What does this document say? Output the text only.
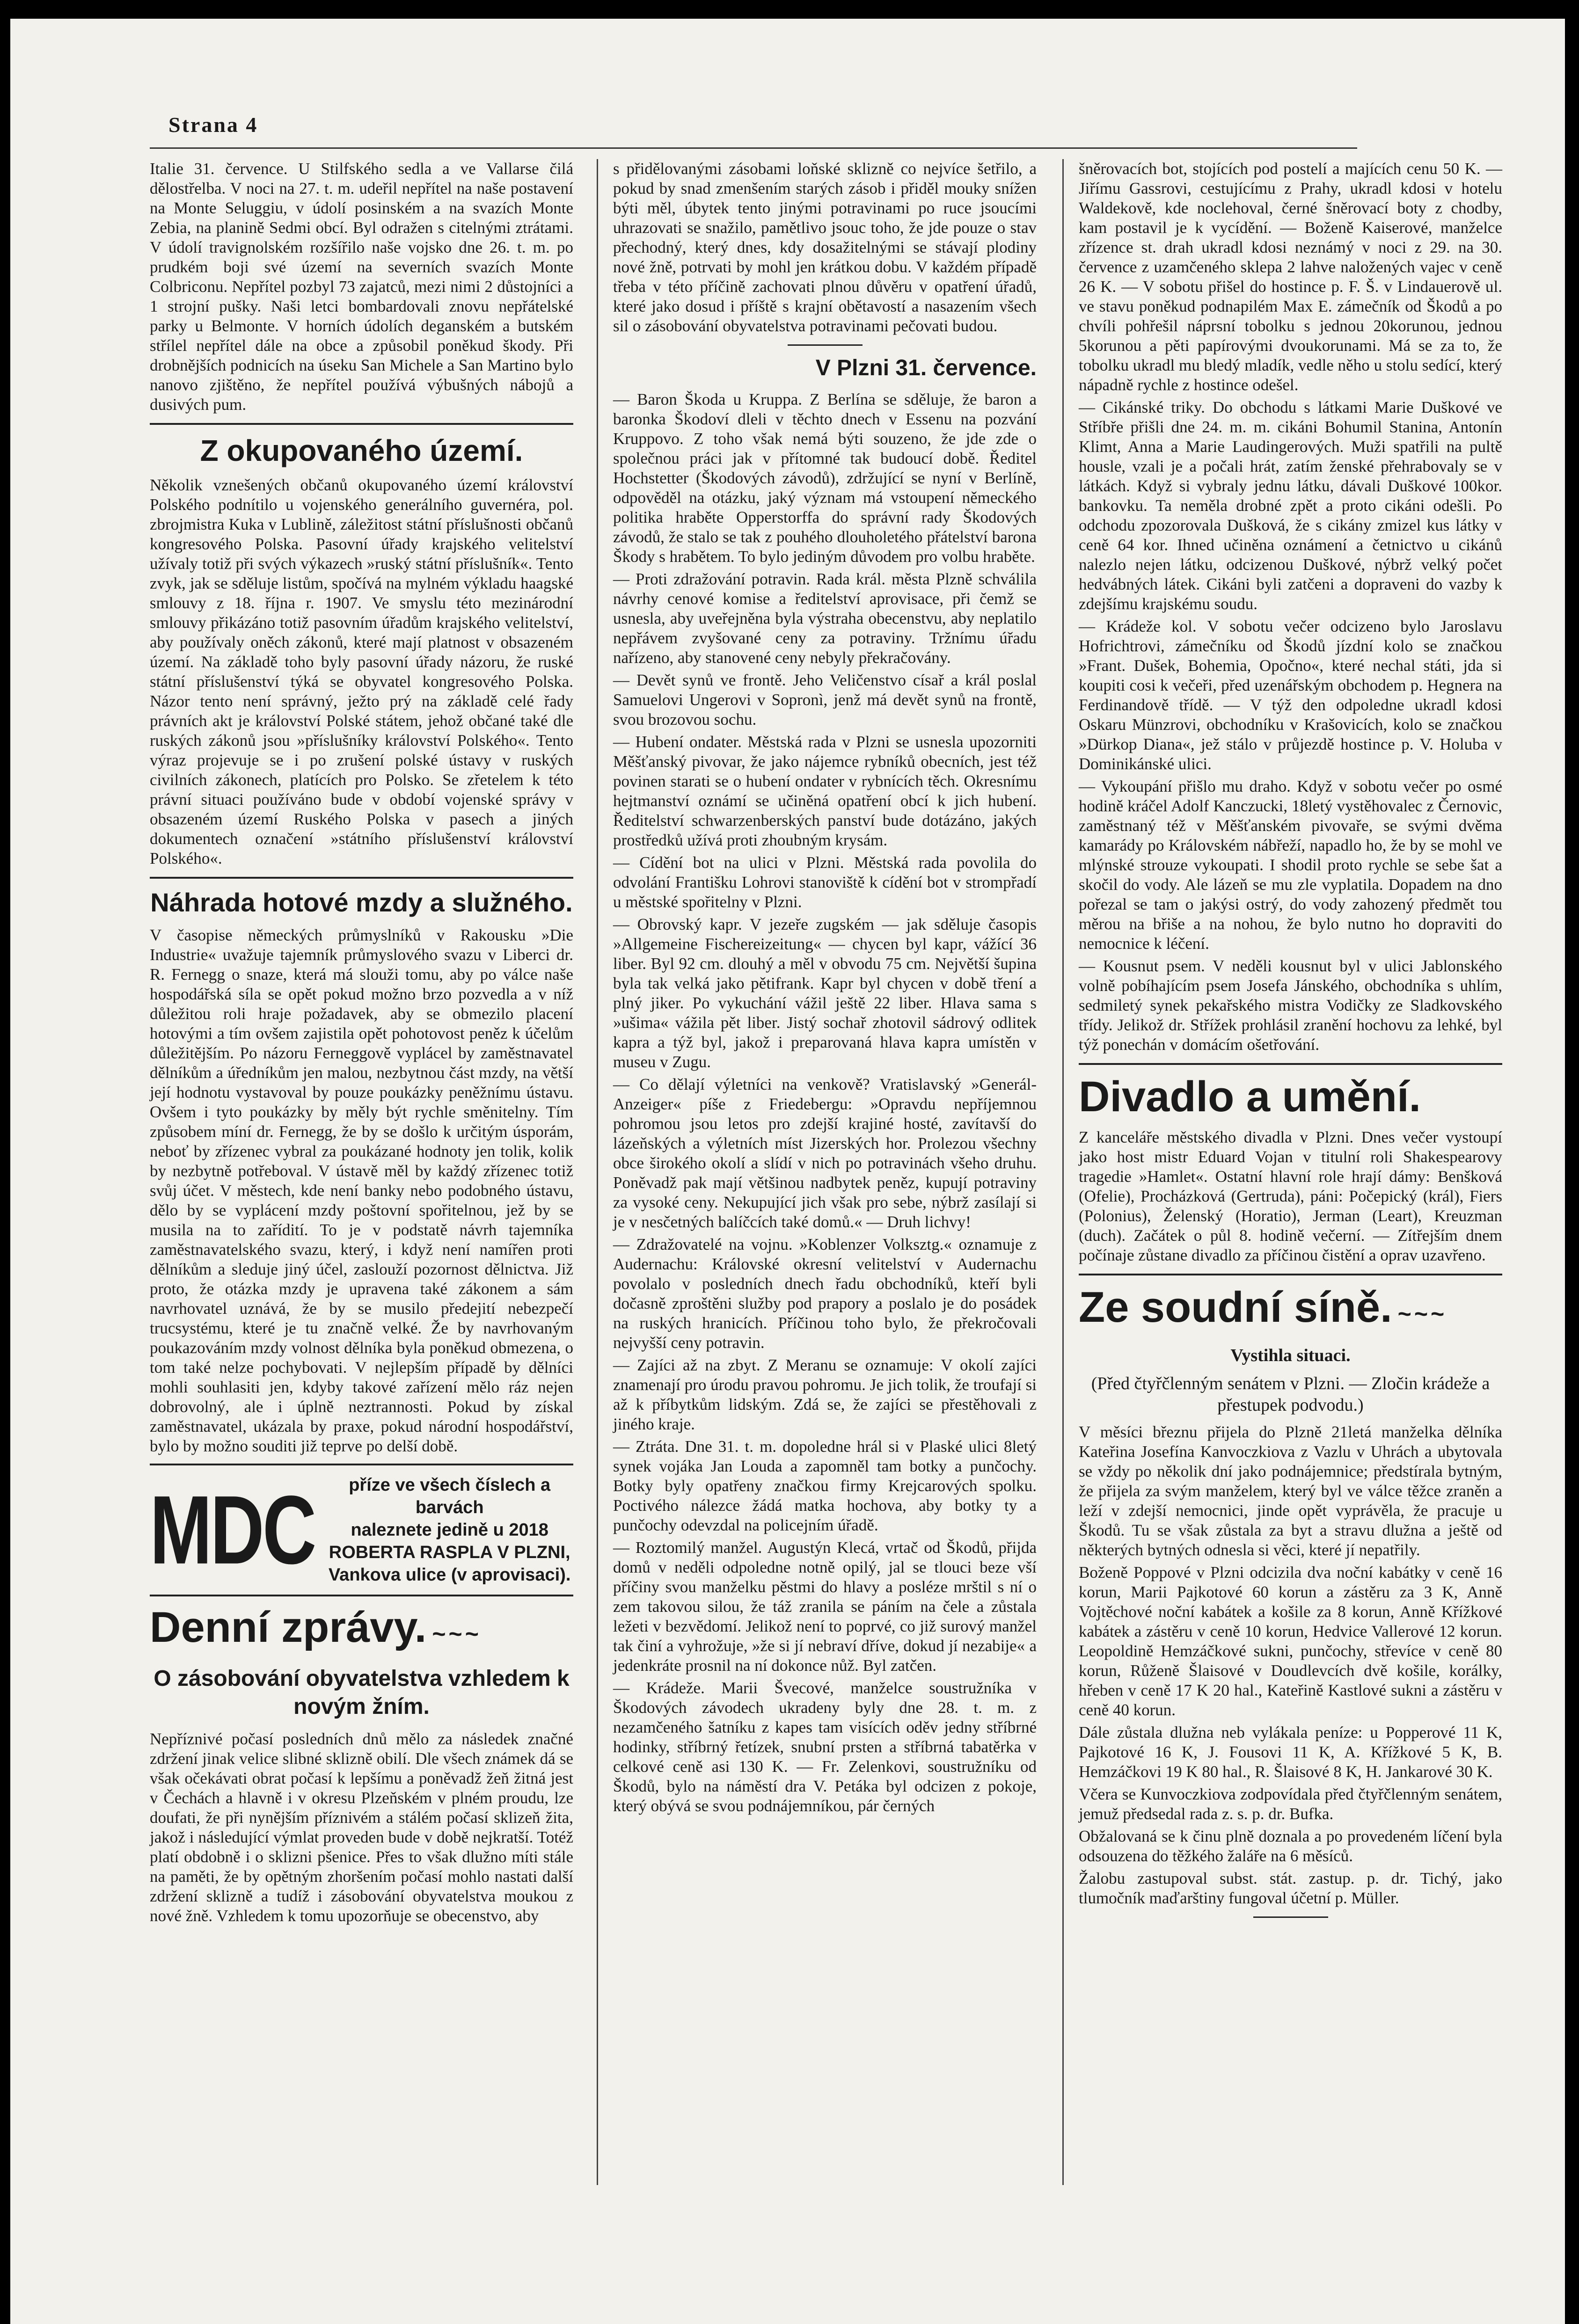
Strana 4

Italie 31. července. U Stilfského sedla a ve Vallarse čilá dělostřelba. V noci na 27. t. m. udeřil nepřítel na naše postavení na Monte Seluggiu, v údolí posinském a na svazích Monte Zebia, na planině Sedmi obcí. Byl odražen s citelnými ztrátami. V údolí travignolském rozšířilo naše vojsko dne 26. t. m. po prudkém boji své území na severních svazích Monte Colbriconu. Nepřítel pozbyl 73 zajatců, mezi nimi 2 důstojníci a 1 strojní pušky. Naši letci bombardovali znovu nepřátelské parky u Belmonte. V horních údolích deganském a butském střílel nepřítel dále na obce a způsobil poněkud škody. Při drobnějších podnicích na úseku San Michele a San Martino bylo nanovo zjištěno, že nepřítel používá výbušných nábojů a dusivých pum.

Z okupovaného území.

Několik vznešených občanů okupovaného území království Polského podnítilo u vojenského generálního guvernéra, pol. zbrojmistra Kuka v Lublině, záležitost státní příslušnosti občanů kongresového Polska. Pasovní úřady krajského velitelství užívaly totiž při svých výkazech »ruský státní příslušník«. Tento zvyk, jak se sděluje listům, spočívá na mylném výkladu haagské smlouvy z 18. října r. 1907. Ve smyslu této mezinárodní smlouvy přikázáno totiž pasovním úřadům krajského velitelství, aby používaly oněch zákonů, které mají platnost v obsazeném území. Na základě toho byly pasovní úřady názoru, že ruské státní příslušenství týká se obyvatel kongresového Polska. Názor tento není správný, ježto prý na základě celé řady právních akt je království Polské státem, jehož občané také dle ruských zákonů jsou »příslušníky království Polského«. Tento výraz projevuje se i po zrušení polské ústavy v ruských civilních zákonech, platících pro Polsko. Se zřetelem k této právní situaci používáno bude v období vojenské správy v obsazeném území Ruského Polska v pasech a jiných dokumentech označení »státního příslušenství království Polského«.

Náhrada hotové mzdy a služného.

V časopise německých průmyslníků v Rakousku »Die Industrie« uvažuje tajemník průmyslového svazu v Liberci dr. R. Fernegg o snaze, která má slouži tomu, aby po válce naše hospodářská síla se opět pokud možno brzo pozvedla a v níž důležitou roli hraje požadavek, aby se obmezilo placení hotovými a tím ovšem zajistila opět pohotovost peněz k účelům důležitějším. Po názoru Ferneggově vyplácel by zaměstnavatel dělníkům a úředníkům jen malou, nezbytnou část mzdy, na větší její hodnotu vystavoval by pouze poukázky peněžnímu ústavu. Ovšem i tyto poukázky by měly být rychle směnitelny. Tím způsobem míní dr. Fernegg, že by se došlo k určitým úsporám, neboť by zřízenec vybral za poukázané hodnoty jen tolik, kolik by nezbytně potřeboval. V ústavě měl by každý zřízenec totiž svůj účet. V městech, kde není banky nebo podobného ústavu, dělo by se vyplácení mzdy poštovní spořitelnou, jež by se musila na to zařídití. To je v podstatě návrh tajemníka zaměstnavatelského svazu, který, i když není namířen proti dělníkům a sleduje jiný účel, zaslouží pozornost dělnictva. Již proto, že otázka mzdy je upravena také zákonem a sám navrhovatel uznává, že by se musilo předejití nebezpečí trucsystému, které je tu značně velké. Že by navrhovaným poukazováním mzdy volnost dělníka byla poněkud obmezena, o tom také nelze pochybovati. V nejlepším případě by dělníci mohli souhlasiti jen, kdyby takové zařízení mělo ráz nejen dobrovolný, ale i úplně neztrannosti. Pokud by získal zaměstnavatel, ukázala by praxe, pokud národní hospodářství, bylo by možno souditi již teprve po delší době.

MDC	příze ve všech číslech a barvách
naleznete jedině u 2018
ROBERTA RASPLA V PLZNI,
Vankova ulice (v aprovisaci).
Denní zprávy. ~~~
O zásobování obyvatelstva vzhledem k novým žním.

Nepříznivé počasí posledních dnů mělo za následek značné zdržení jinak velice slibné sklizně obilí. Dle všech známek dá se však očekávati obrat počasí k lepšímu a poněvadž žeň žitná jest v Čechách a hlavně i v okresu Plzeňském v plném proudu, lze doufati, že při nynějším příznivém a stálém počasí sklizeň žita, jakož i následující výmlat proveden bude v době nejkratší. Totéž platí obdobně i o sklizni pšenice. Přes to však dlužno míti stále na paměti, že by opětným zhoršením počasí mohlo nastati další zdržení sklizně a tudíž i zásobování obyvatelstva moukou z nové žně. Vzhledem k tomu upozorňuje se obecenstvo, aby

s přidělovanými zásobami loňské sklizně co nejvíce šetřilo, a pokud by snad zmenšením starých zásob i přiděl mouky snížen býti měl, úbytek tento jinými potravinami po ruce jsoucími uhrazovati se snažilo, pamětlivo jsouc toho, že jde pouze o stav přechodný, který dnes, kdy dosažitelnými se stávají plodiny nové žně, potrvati by mohl jen krátkou dobu. V každém případě třeba v této příčině zachovati plnou důvěru v opatření úřadů, které jako dosud i příště s krajní obětavostí a nasazením všech sil o zásobování obyvatelstva potravinami pečovati budou.

V Plzni 31. července.

— Baron Škoda u Kruppa. Z Berlína se sděluje, že baron a baronka Škodoví dleli v těchto dnech v Essenu na pozvání Kruppovo. Z toho však nemá býti souzeno, že jde zde o společnou práci jak v přítomné tak budoucí době. Ředitel Hochstetter (Škodových závodů), zdržující se nyní v Berlíně, odpověděl na otázku, jaký význam má vstoupení německého politika hraběte Opperstorffa do správní rady Škodových závodů, že stalo se tak z pouhého dlouholetého přátelství barona Škody s hrabětem. To bylo jediným důvodem pro volbu hraběte.

— Proti zdražování potravin. Rada král. města Plzně schválila návrhy cenové komise a ředitelství aprovisace, při čemž se usnesla, aby uveřejněna byla výstraha obecenstvu, aby neplatilo nepřávem zvyšované ceny za potraviny. Tržnímu úřadu nařízeno, aby stanovené ceny nebyly překračovány.

— Devět synů ve frontě. Jeho Veličenstvo císař a král poslal Samuelovi Ungerovi v Sopronì, jenž má devět synů na frontě, svou brozovou sochu.

— Hubení ondater. Městská rada v Plzni se usnesla upozorniti Měšťanský pivovar, že jako nájemce rybníků obecních, jest též povinen starati se o hubení ondater v rybnících těch. Okresnímu hejtmanství oznámí se učiněná opatření obcí k jich hubení. Ředitelství schwarzenberských panství bude dotázáno, jakých prostředků užívá proti zhoubným krysám.

— Cídění bot na ulici v Plzni. Městská rada povolila do odvolání Františku Lohrovi stanoviště k cídění bot v strompřadí u městské spořitelny v Plzni.

— Obrovský kapr. V jezeře zugském — jak sděluje časopis »Allgemeine Fischereizeitung« — chycen byl kapr, vážící 36 liber. Byl 92 cm. dlouhý a měl v obvodu 75 cm. Největší šupina byla tak velká jako pětifrank. Kapr byl chycen v době tření a plný jiker. Po vykuchání vážil ještě 22 liber. Hlava sama s »ušima« vážila pět liber. Jistý sochař zhotovil sádrový odlitek kapra a týž byl, jakož i preparovaná hlava kapra umístěn v museu v Zugu.

— Co dělají výletníci na venkově? Vratislavský »Generál-Anzeiger« píše z Friedebergu: »Opravdu nepříjemnou pohromou jsou letos pro zdejší krajiné hosté, zavítavší do lázeňských a výletních míst Jizerských hor. Prolezou všechny obce širokého okolí a slídí v nich po potravinách všeho druhu. Poněvadž pak mají většinou nadbytek peněz, kupují potraviny za vysoké ceny. Nekupující jich však pro sebe, nýbrž zasílají si je v nesčetných balíčcích také domů.« — Druh lichvy!

— Zdražovatelé na vojnu. »Koblenzer Volksztg.« oznamuje z Audernachu: Královské okresní velitelství v Audernachu povolalo v posledních dnech řadu obchodníků, kteří byli dočasně zproštěni služby pod prapory a poslalo je do posádek na ruských hranicích. Příčinou toho bylo, že překročovali nejvyšší ceny potravin.

— Zajíci až na zbyt. Z Meranu se oznamuje: V okolí zajíci znamenají pro úrodu pravou pohromu. Je jich tolik, že troufají si až k příbytkům lidským. Zdá se, že zajíci se přestěhovali z jiného kraje.

— Ztráta. Dne 31. t. m. dopoledne hrál si v Plaské ulici 8letý synek vojáka Jan Louda a zapomněl tam botky a punčochy. Botky byly opatřeny značkou firmy Krejcarových spolku. Poctivého nálezce žádá matka hochova, aby botky ty a punčochy odevzdal na policejním úřadě.

— Roztomilý manžel. Augustýn Klecá, vrtač od Škodů, přijda domů v neděli odpoledne notně opilý, jal se tlouci beze vší příčiny svou manželku pěstmi do hlavy a posléze mrštil s ní o zem takovou silou, že táž zranila se páním na čele a zůstala ležeti v bezvědomí. Jelikož není to poprvé, co již surový manžel tak činí a vyhrožuje, »že si jí nebraví dříve, dokud jí nezabije« a jedenkráte prosnil na ní dokonce nůž. Byl zatčen.

— Krádeže. Marii Švecové, manželce soustružníka v Škodových závodech ukradeny byly dne 28. t. m. z nezamčeného šatníku z kapes tam visících oděv jedny stříbrné hodinky, stříbrný řetízek, snubní prsten a stříbrná tabatěrka v celkové ceně asi 130 K. — Fr. Zelenkovi, soustružníku od Škodů, bylo na náměstí dra V. Petáka byl odcizen z pokoje, který obývá se svou podnájemníkou, pár černých

šněrovacích bot, stojících pod postelí a majících cenu 50 K. — Jiřímu Gassrovi, cestujícímu z Prahy, ukradl kdosi v hotelu Waldekově, kde noclehoval, černé šněrovací boty z chodby, kam postavil je k vycídění. — Boženě Kaiserové, manželce zřízence st. drah ukradl kdosi neznámý v noci z 29. na 30. července z uzamčeného sklepa 2 lahve naložených vajec v ceně 26 K. — V sobotu přišel do hostince p. F. Š. v Lindauerově ul. ve stavu poněkud podnapilém Max E. zámečník od Škodů a po chvíli pohřešil náprsní tobolku s jednou 20korunou, jednou 5korunou a pěti papírovými dvoukorunami. Má se za to, že tobolku ukradl mu bledý mladík, vedle něho u stolu sedící, který nápadně rychle z hostince odešel.

— Cikánské triky. Do obchodu s látkami Marie Duškové ve Stříbře přišli dne 24. m. m. cikáni Bohumil Stanina, Antonín Klimt, Anna a Marie Laudingerových. Muži spatřili na pultě housle, vzali je a počali hrát, zatím ženské přehrabovaly se v látkách. Když si vybraly jednu látku, dávali Duškové 100kor. bankovku. Ta neměla drobné zpět a proto cikáni odešli. Po odchodu zpozorovala Dušková, že s cikány zmizel kus látky v ceně 64 kor. Ihned učiněna oznámení a četnictvo u cikánů nalezlo nejen látku, odcizenou Duškové, nýbrž velký počet hedvábných látek. Cikáni byli zatčeni a dopraveni do vazby k zdejšímu krajskému soudu.

— Krádeže kol. V sobotu večer odcizeno bylo Jaroslavu Hofrichtrovi, zámečníku od Škodů jízdní kolo se značkou »Frant. Dušek, Bohemia, Opočno«, které nechal státi, jda si koupiti cosi k večeři, před uzenářským obchodem p. Hegnera na Ferdinandově třídě. — V týž den odpoledne ukradl kdosi Oskaru Münzrovi, obchodníku v Krašovicích, kolo se značkou »Dürkop Diana«, jež stálo v průjezdě hostince p. V. Holuba v Dominikánské ulici.

— Vykoupání přišlo mu draho. Když v sobotu večer po osmé hodině kráčel Adolf Kanczucki, 18letý vystěhovalec z Černovic, zaměstnaný též v Měšťanském pivovaře, se svými dvěma kamarády po Královském nábřeží, napadlo ho, že by se mohl ve mlýnské strouze vykoupati. I shodil proto rychle se sebe šat a skočil do vody. Ale lázeň se mu zle vyplatila. Dopadem na dno pořezal se tam o jakýsi ostrý, do vody zahozený předmět tou měrou na břiše a na nohou, že bylo nutno ho dopraviti do nemocnice k léčení.

— Kousnut psem. V neděli kousnut byl v ulici Jablonského volně pobíhajícím psem Josefa Jánského, obchodníka s uhlím, sedmiletý synek pekařského mistra Vodičky ze Sladkovského třídy. Jelikož dr. Střížek prohlásil zranění hochovu za lehké, byl týž ponechán v domácím ošetřování.

Divadlo a umění.

Z kanceláře městského divadla v Plzni. Dnes večer vystoupí jako host mistr Eduard Vojan v titulní roli Shakespearovy tragedie »Hamlet«. Ostatní hlavní role hrají dámy: Benšková (Ofelie), Procházková (Gertruda), páni: Počepický (král), Fiers (Polonius), Želenský (Horatio), Jerman (Leart), Kreuzman (duch). Začátek o půl 8. hodině večerní. — Zítřejším dnem počínaje zůstane divadlo za příčinou čistění a oprav uzavřeno.

Ze soudní síně. ~~~
Vystihla situaci.
(Před čtyřčlenným senátem v Plzni. — Zločin krádeže a přestupek podvodu.)

V měsíci březnu přijela do Plzně 21letá manželka dělníka Kateřina Josefína Kanvoczkiova z Vazlu v Uhrách a ubytovala se vždy po několik dní jako podnájemnice; předstírala bytným, že přijela za svým manželem, který byl ve válce těžce zraněn a leží v zdejší nemocnici, jinde opět vyprávěla, že pracuje u Škodů. Tu se však zůstala za byt a stravu dlužna a ještě od některých bytných odnesla si věci, které jí nepatřily.

Boženě Poppové v Plzni odcizila dva noční kabátky v ceně 16 korun, Marii Pajkotové 60 korun a zástěru za 3 K, Anně Vojtěchové noční kabátek a košile za 8 korun, Anně Křížkové kabátek a zástěru v ceně 10 korun, Hedvice Vallerové 12 korun. Leopoldině Hemzáčkové sukni, punčochy, střevíce v ceně 80 korun, Růženě Šlaisové v Doudlevcích dvě košile, korálky, hřeben v ceně 17 K 20 hal., Kateřině Kastlové sukni a zástěru v ceně 40 korun.

Dále zůstala dlužna neb vylákala peníze: u Popperové 11 K, Pajkotové 16 K, J. Fousovi 11 K, A. Křížkové 5 K, B. Hemzáčkovi 19 K 80 hal., R. Šlaisové 8 K, H. Jankarové 30 K.

Včera se Kunvoczkiova zodpovídala před čtyřčlenným senátem, jemuž předsedal rada z. s. p. dr. Bufka.

Obžalovaná se k činu plně doznala a po provedeném líčení byla odsouzena do těžkého žaláře na 6 měsíců.

Žalobu zastupoval subst. stát. zastup. p. dr. Tichý, jako tlumočník maďarštiny fungoval účetní p. Müller.
